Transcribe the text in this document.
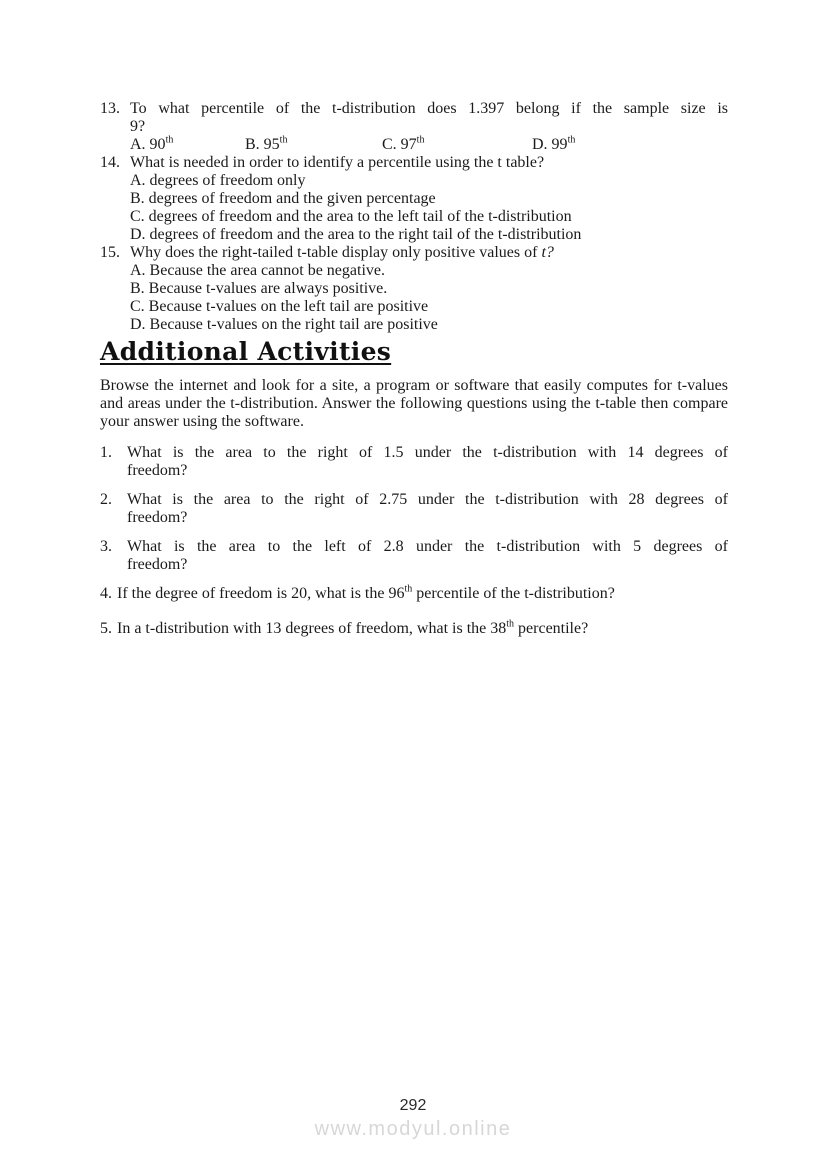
13. To what percentile of the t-distribution does 1.397 belong if the sample size is
9?
A. 90th	B. 95th	C. 97th	D. 99th
14. What is needed in order to identify a percentile using the t table?
A. degrees of freedom only
B. degrees of freedom and the given percentage
C. degrees of freedom and the area to the left tail of the t-distribution
D. degrees of freedom and the area to the right tail of the t-distribution
15. Why does the right-tailed t-table display only positive values of t?
A. Because the area cannot be negative.
B. Because t-values are always positive.
C. Because t-values on the left tail are positive
D. Because t-values on the right tail are positive
Additional Activities
Browse the internet and look for a site, a program or software that easily computes for t-values and areas under the t-distribution. Answer the following questions using the t-table then compare your answer using the software.
1. What is the area to the right of 1.5 under the t-distribution with 14 degrees of
freedom?
2. What is the area to the right of 2.75 under the t-distribution with 28 degrees of
freedom?
3. What is the area to the left of 2.8 under the t-distribution with 5 degrees of
freedom?
4. If the degree of freedom is 20, what is the 96th percentile of the t-distribution?
5. In a t-distribution with 13 degrees of freedom, what is the 38th percentile?
292
www.modyul.online
